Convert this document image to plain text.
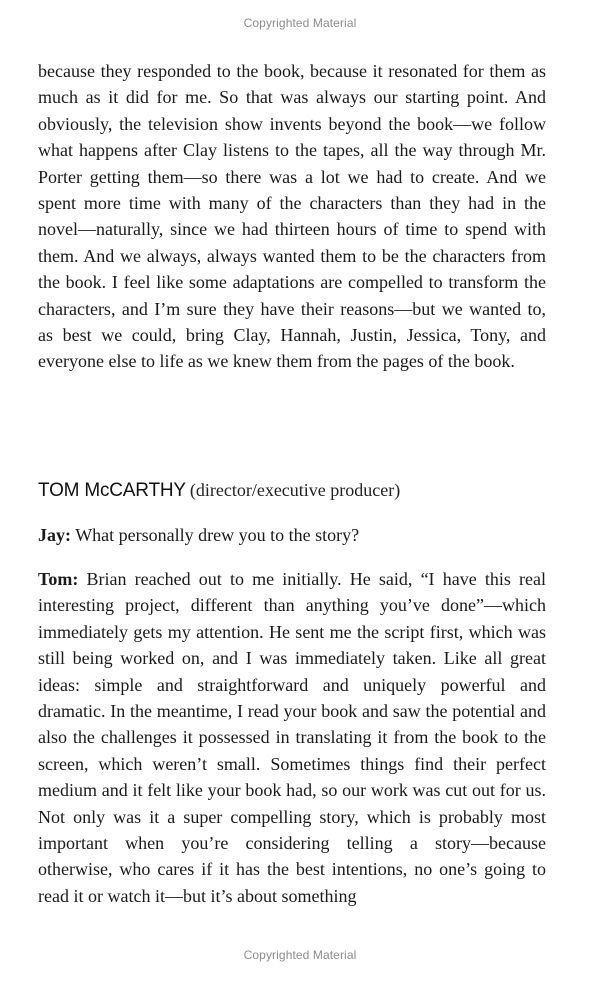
Copyrighted Material

because they responded to the book, because it resonated for them as much as it did for me. So that was always our starting point. And obviously, the television show invents beyond the book—we follow what happens after Clay listens to the tapes, all the way through Mr. Porter getting them—so there was a lot we had to create. And we spent more time with many of the characters than they had in the novel—naturally, since we had thirteen hours of time to spend with them. And we always, always wanted them to be the characters from the book. I feel like some adaptations are compelled to transform the characters, and I’m sure they have their reasons—but we wanted to, as best we could, bring Clay, Hannah, Justin, Jessica, Tony, and everyone else to life as we knew them from the pages of the book.

TOM McCARTHY (director/executive producer)

Jay: What personally drew you to the story?

Tom: Brian reached out to me initially. He said, “I have this real interesting project, different than anything you’ve done”—which immediately gets my attention. He sent me the script first, which was still being worked on, and I was immediately taken. Like all great ideas: simple and straightforward and uniquely powerful and dramatic. In the meantime, I read your book and saw the potential and also the challenges it possessed in translating it from the book to the screen, which weren’t small. Sometimes things find their perfect medium and it felt like your book had, so our work was cut out for us. Not only was it a super compelling story, which is probably most important when you’re considering telling a story—because otherwise, who cares if it has the best intentions, no one’s going to read it or watch it—but it’s about something

Copyrighted Material
